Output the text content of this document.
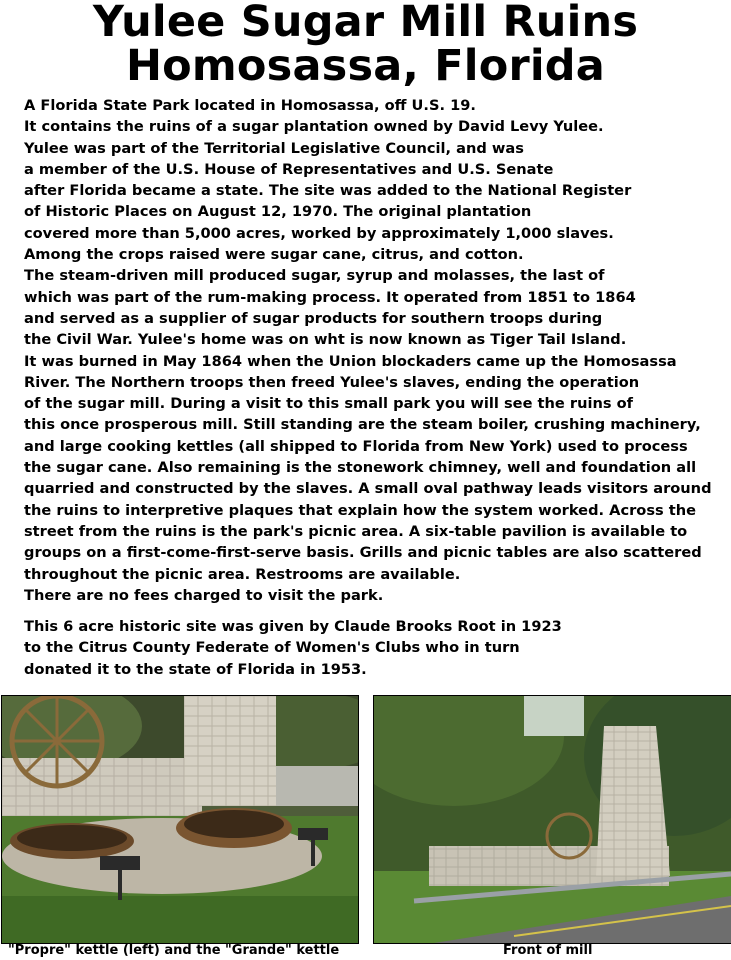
Yulee Sugar Mill Ruins
Homosassa, Florida
A Florida State Park located in Homosassa, off U.S. 19.
It contains the ruins of a sugar plantation owned by David Levy Yulee.
Yulee was part of the Territorial Legislative Council, and was
a member of the U.S. House of Representatives and U.S. Senate
after Florida became a state. The site was added to the National Register
of Historic Places on August 12, 1970. The original plantation
covered more than 5,000 acres, worked by approximately 1,000 slaves.
Among the crops raised were sugar cane, citrus, and cotton.
The steam-driven mill produced sugar, syrup and molasses, the last of
which was part of the rum-making process. It operated from 1851 to 1864
and served as a supplier of sugar products for southern troops during
the Civil War. Yulee's home was on wht is now known as Tiger Tail Island.
It was burned in May 1864 when the Union blockaders came up the Homosassa
River. The Northern troops then freed Yulee's slaves, ending the operation
of the sugar mill. During a visit to this small park you will see the ruins of
this once prosperous mill. Still standing are the steam boiler, crushing machinery,
and large cooking kettles (all shipped to Florida from New York) used to process
the sugar cane. Also remaining is the stonework chimney, well and foundation all
quarried and constructed by the slaves. A small oval pathway leads visitors around
the ruins to interpretive plaques that explain how the system worked. Across the
street from the ruins is the park's picnic area. A six-table pavilion is available to
groups on a first-come-first-serve basis. Grills and picnic tables are also scattered
throughout the picnic area. Restrooms are available.
There are no fees charged to visit the park.
This 6 acre historic site was given by Claude Brooks Root in 1923
to the Citrus County Federate of Women's Clubs who in turn
donated it to the state of Florida in 1953.
"Propre" kettle (left) and the "Grande" kettle	Front of mill
